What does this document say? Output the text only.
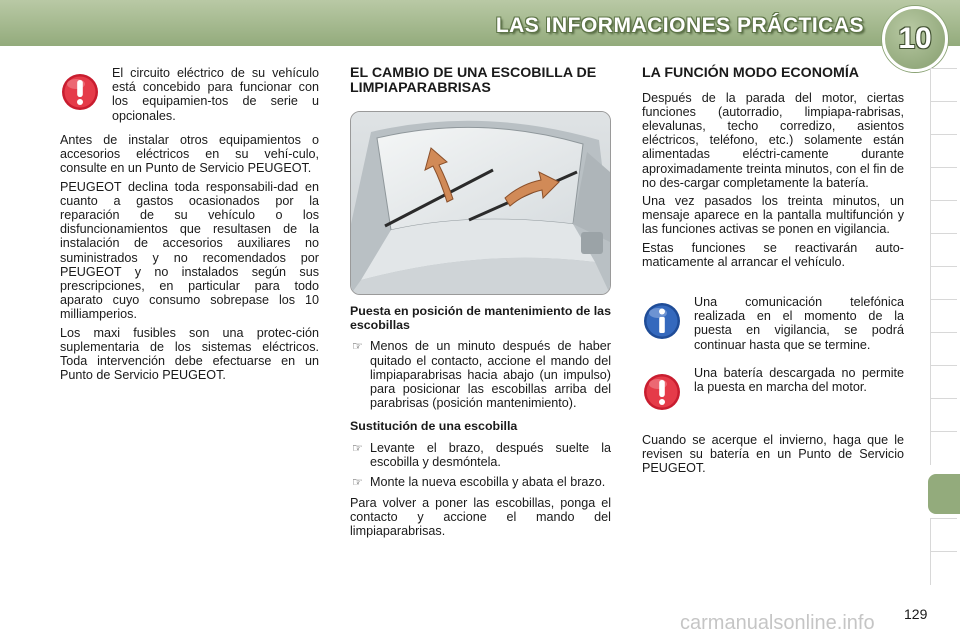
LAS INFORMACIONES PRÁCTICAS	10

El circuito eléctrico de su vehículo está concebido para funcionar con los equipamien-tos de serie u opcionales.

Antes de instalar otros equipamientos o accesorios eléctricos en su vehí-culo, consulte en un Punto de Servicio PEUGEOT.

PEUGEOT declina toda responsabili-dad en cuanto a gastos ocasionados por la reparación de su vehículo o los disfuncionamientos que resultasen de la instalación de accesorios auxiliares no suministrados y no recomendados por PEUGEOT y no instalados según sus prescripciones, en particular para todo aparato cuyo consumo sobrepase los 10 milliamperios.

Los maxi fusibles son una protec-ción suplementaria de los sistemas eléctricos. Toda intervención debe efectuarse en un Punto de Servicio PEUGEOT.

EL CAMBIO DE UNA ESCOBILLA DE LIMPIAPARABRISAS
Puesta en posición de mantenimiento de las escobillas

☞ Menos de un minuto después de haber quitado el contacto, accione el mando del limpiaparabrisas hacia abajo (un impulso) para posicionar las escobillas arriba del parabrisas (posición mantenimiento).

Sustitución de una escobilla

☞ Levante el brazo, después suelte la escobilla y desmóntela.

☞ Monte la nueva escobilla y abata el brazo.

Para volver a poner las escobillas, ponga el contacto y accione el mando del limpiaparabrisas.

LA FUNCIÓN MODO ECONOMÍA

Después de la parada del motor, ciertas funciones (autorradio, limpiapa-rabrisas, elevalunas, techo corredizo, asientos eléctricos, teléfono, etc.) solamente están alimentadas eléctri-camente durante aproximadamente treinta minutos, con el fin de no des-cargar completamente la batería.

Una vez pasados los treinta minutos, un mensaje aparece en la pantalla multifunción y las funciones activas se ponen en vigilancia.

Estas funciones se reactivarán auto-maticamente al arrancar el vehículo.

Una comunicación telefónica realizada en el momento de la puesta en vigilancia, se podrá continuar hasta que se termine.

Una batería descargada no permite la puesta en marcha del motor.

Cuando se acerque el invierno, haga que le revisen su batería en un Punto de Servicio PEUGEOT.

carmanualsonline.info 129
